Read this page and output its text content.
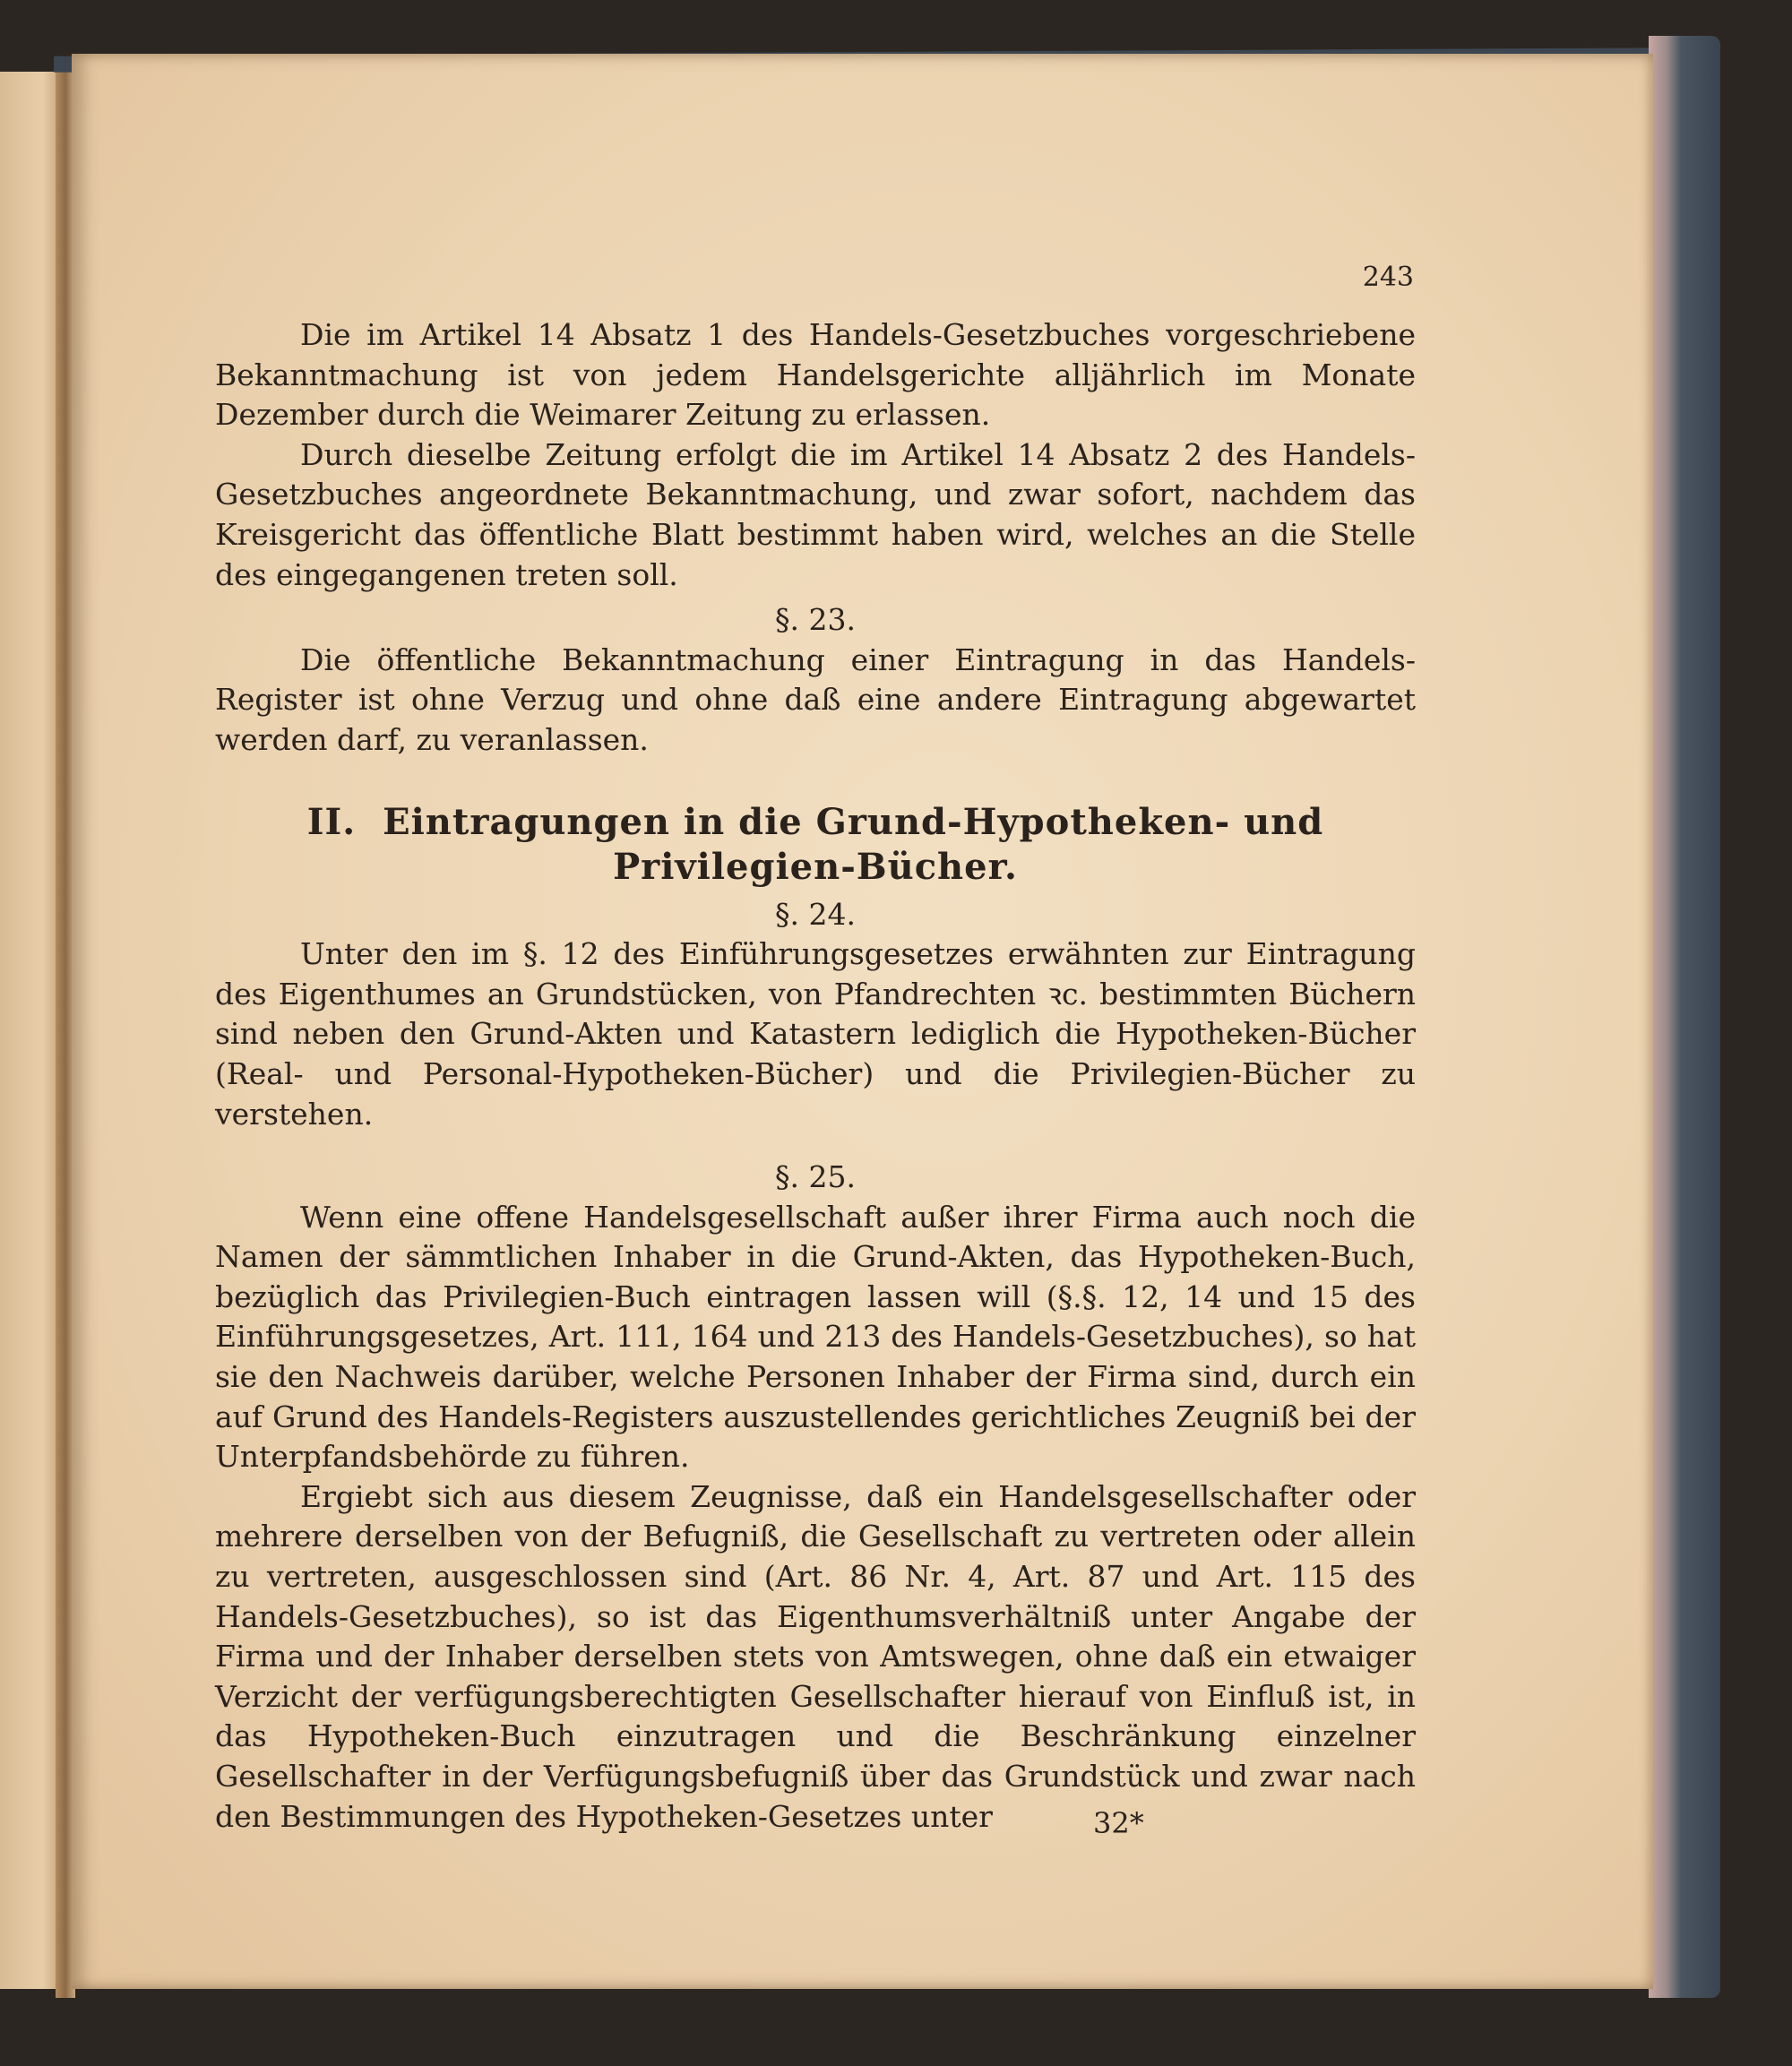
243

Die im Artikel 14 Absatz 1 des Handels-Gesetzbuches vorgeschriebene Bekanntmachung ist von jedem Handelsgerichte alljährlich im Monate Dezember durch die Weimarer Zeitung zu erlassen.

Durch dieselbe Zeitung erfolgt die im Artikel 14 Absatz 2 des Handels-Gesetzbuches angeordnete Bekanntmachung, und zwar sofort, nachdem das Kreisgericht das öffentliche Blatt bestimmt haben wird, welches an die Stelle des eingegangenen treten soll.

§. 23.

Die öffentliche Bekanntmachung einer Eintragung in das Handels-Register ist ohne Verzug und ohne daß eine andere Eintragung abgewartet werden darf, zu veranlassen.

II. Eintragungen in die Grund-Hypotheken- und
Privilegien-Bücher.

§. 24.

Unter den im §. 12 des Einführungsgesetzes erwähnten zur Eintragung des Eigenthumes an Grundstücken, von Pfandrechten ꝛc. bestimmten Büchern sind neben den Grund-Akten und Katastern lediglich die Hypotheken-Bücher (Real- und Personal-Hypotheken-Bücher) und die Privilegien-Bücher zu verstehen.

§. 25.

Wenn eine offene Handelsgesellschaft außer ihrer Firma auch noch die Namen der sämmtlichen Inhaber in die Grund-Akten, das Hypotheken-Buch, bezüglich das Privilegien-Buch eintragen lassen will (§.§. 12, 14 und 15 des Einführungsgesetzes, Art. 111, 164 und 213 des Handels-Gesetzbuches), so hat sie den Nachweis darüber, welche Personen Inhaber der Firma sind, durch ein auf Grund des Handels-Registers auszustellendes gerichtliches Zeugniß bei der Unterpfandsbehörde zu führen.

Ergiebt sich aus diesem Zeugnisse, daß ein Handelsgesellschafter oder mehrere derselben von der Befugniß, die Gesellschaft zu vertreten oder allein zu vertreten, ausgeschlossen sind (Art. 86 Nr. 4, Art. 87 und Art. 115 des Handels-Gesetzbuches), so ist das Eigenthumsverhältniß unter Angabe der Firma und der Inhaber derselben stets von Amtswegen, ohne daß ein etwaiger Verzicht der verfügungsberechtigten Gesellschafter hierauf von Einfluß ist, in das Hypotheken-Buch einzutragen und die Beschränkung einzelner Gesellschafter in der Verfügungsbefugniß über das Grundstück und zwar nach den Bestimmungen des Hypotheken-Gesetzes unter	32*
